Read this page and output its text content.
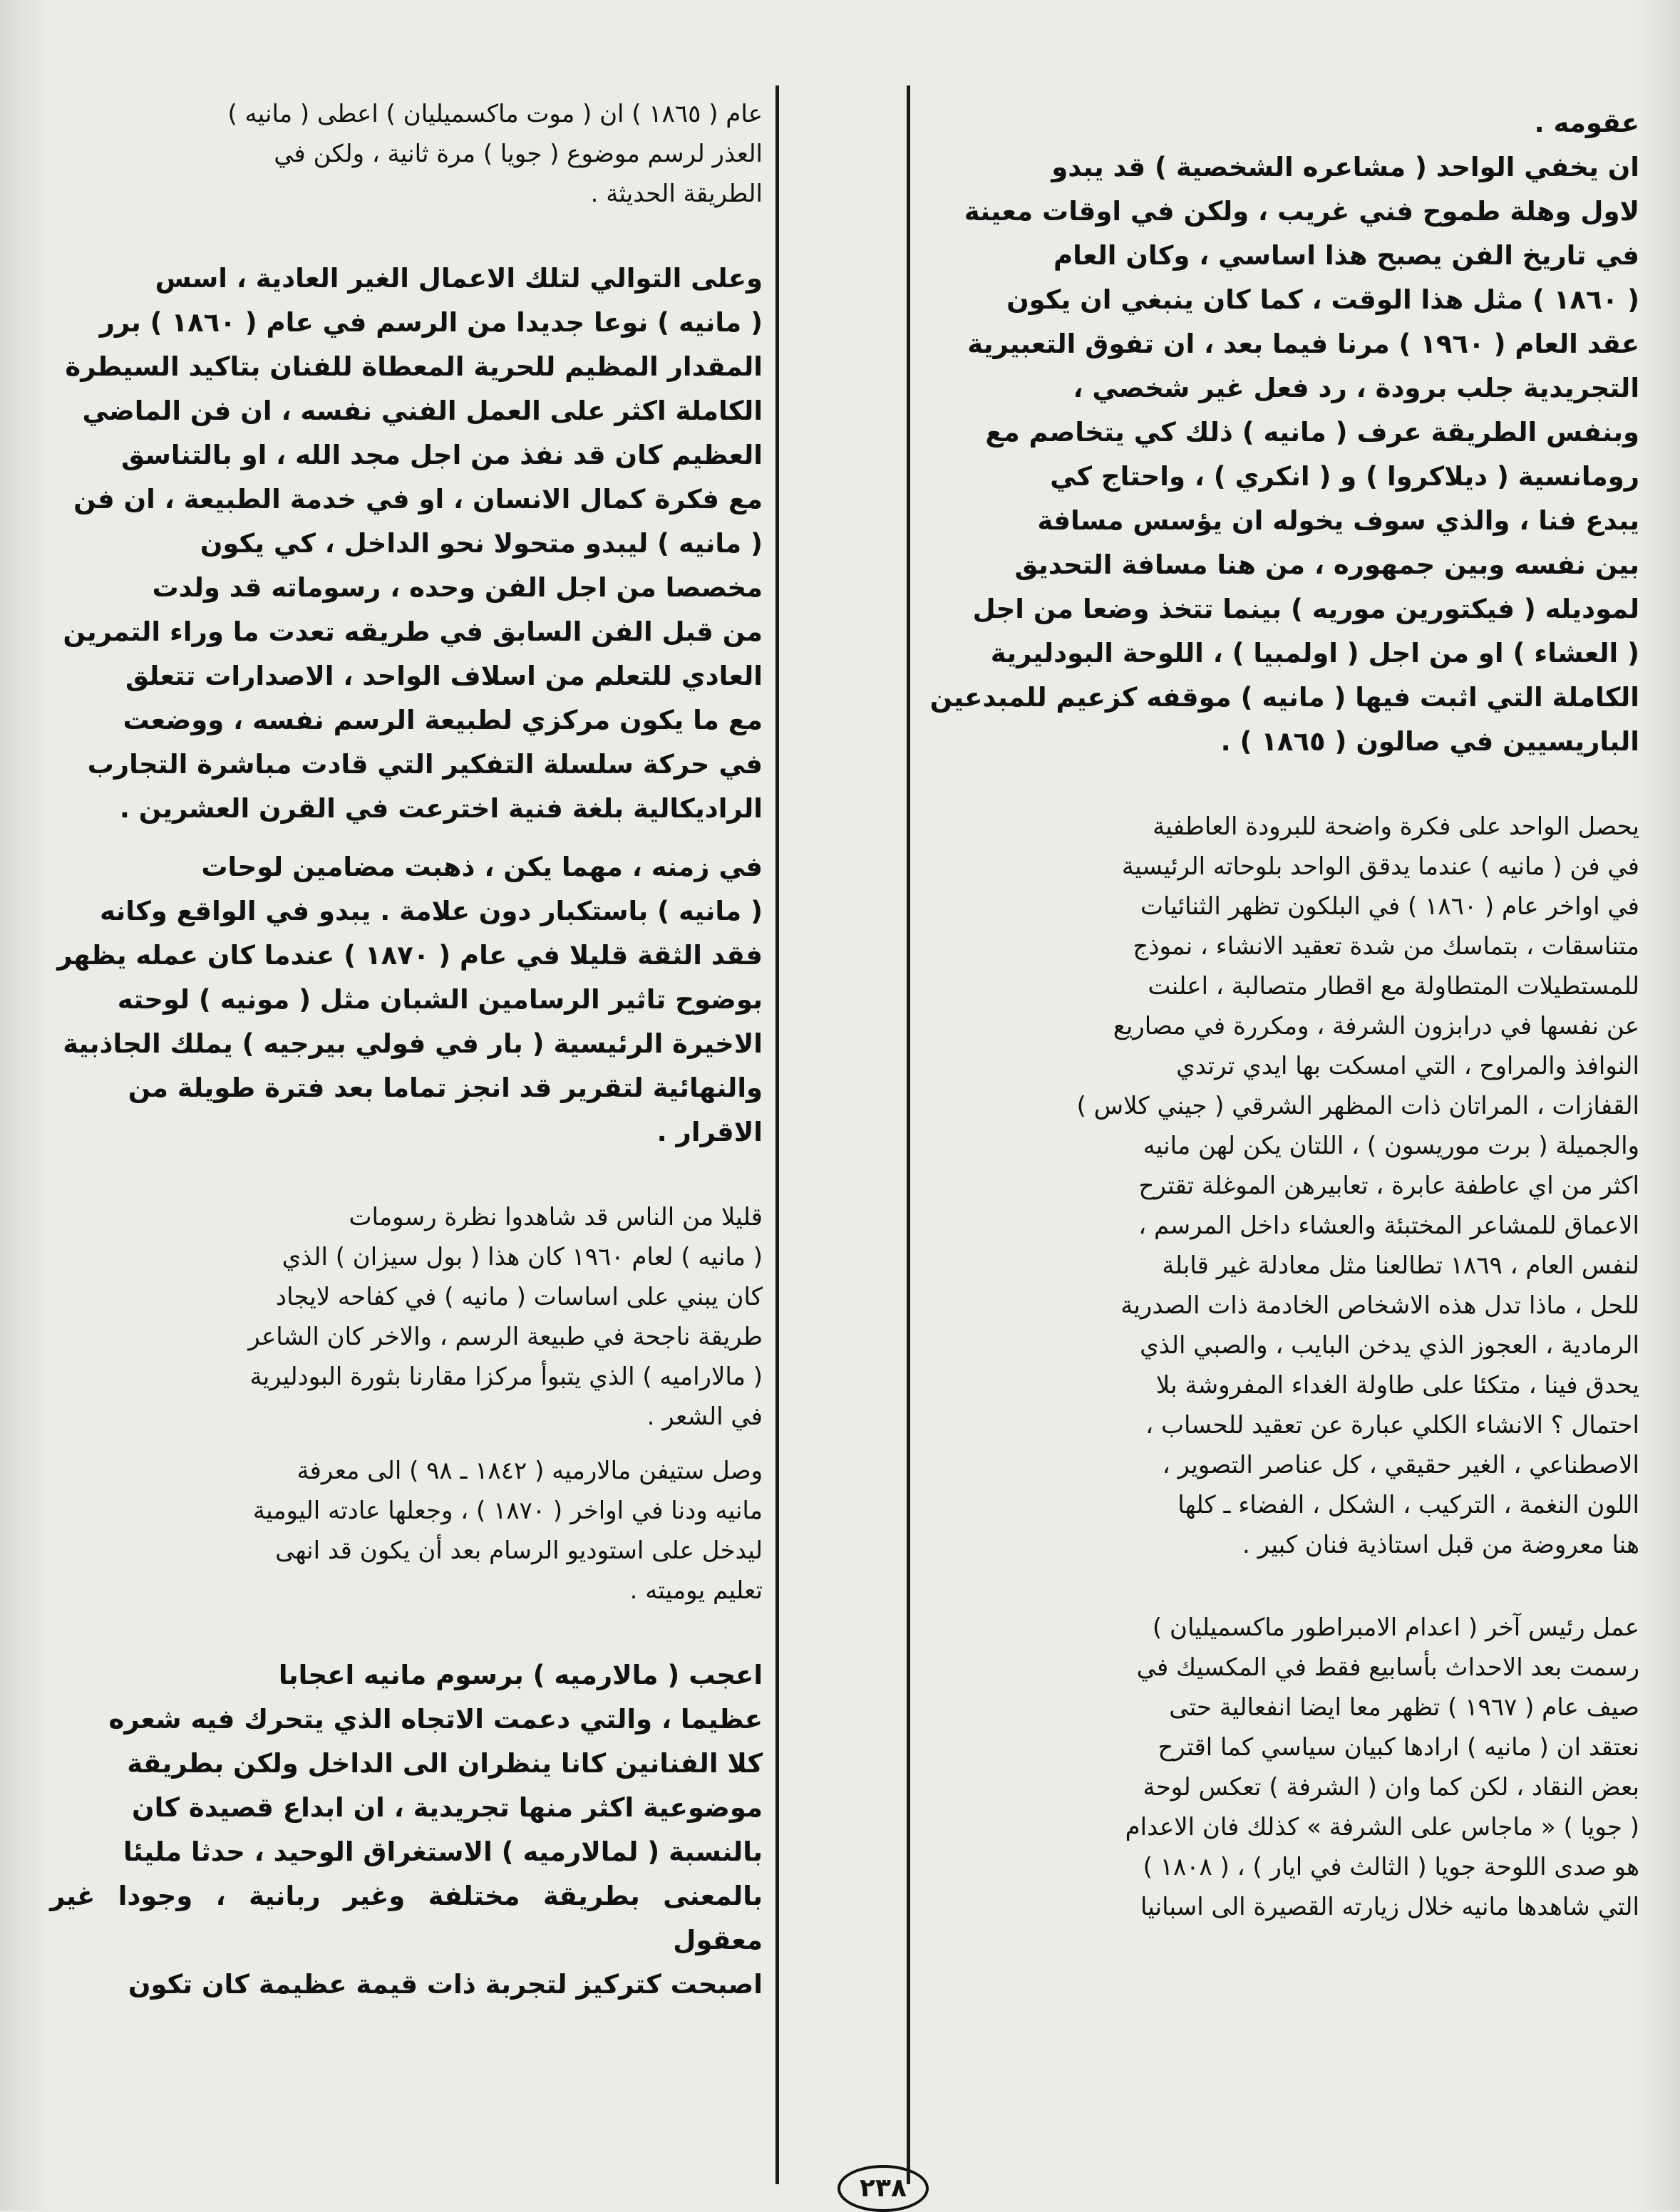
عقومه .

ان يخفي الواحد ( مشاعره الشخصية ) قد يبدو
لاول وهلة طموح فني غريب ، ولكن في اوقات معينة
في تاريخ الفن يصبح هذا اساسي ، وكان العام
( ١٨٦٠ ) مثل هذا الوقت ، كما كان ينبغي ان يكون
عقد العام ( ١٩٦٠ ) مرنا فيما بعد ، ان تفوق التعبيرية
التجريدية جلب برودة ، رد فعل غير شخصي ،
وبنفس الطريقة عرف ( مانيه ) ذلك كي يتخاصم مع
رومانسية ( ديلاكروا ) و ( انكري ) ، واحتاج كي
يبدع فنا ، والذي سوف يخوله ان يؤسس مسافة
بين نفسه وبين جمهوره ، من هنا مسافة التحديق
لموديله ( فيكتورين موريه ) بينما تتخذ وضعا من اجل
( العشاء ) او من اجل ( اولمبيا ) ، اللوحة البودليرية
الكاملة التي اثبت فيها ( مانيه ) موقفه كزعيم للمبدعين
الباريسيين في صالون ( ١٨٦٥ ) .

يحصل الواحد على فكرة واضحة للبرودة العاطفية
في فن ( مانيه ) عندما يدقق الواحد بلوحاته الرئيسية
في اواخر عام ( ١٨٦٠ ) في البلكون تظهر الثنائيات
متناسقات ، بتماسك من شدة تعقيد الانشاء ، نموذج
للمستطيلات المتطاولة مع اقطار متصالبة ، اعلنت
عن نفسها في درابزون الشرفة ، ومكررة في مصاريع
النوافذ والمراوح ، التي امسكت بها ايدي ترتدي
القفازات ، المراتان ذات المظهر الشرقي ( جيني كلاس )
والجميلة ( برت موريسون ) ، اللتان يكن لهن مانيه
اكثر من اي عاطفة عابرة ، تعابيرهن الموغلة تقترح
الاعماق للمشاعر المختبئة والعشاء داخل المرسم ،
لنفس العام ، ١٨٦٩ تطالعنا مثل معادلة غير قابلة
للحل ، ماذا تدل هذه الاشخاص الخادمة ذات الصدرية
الرمادية ، العجوز الذي يدخن البايب ، والصبي الذي
يحدق فينا ، متكئا على طاولة الغداء المفروشة بلا
احتمال ؟ الانشاء الكلي عبارة عن تعقيد للحساب ،
الاصطناعي ، الغير حقيقي ، كل عناصر التصوير ،
اللون النغمة ، التركيب ، الشكل ، الفضاء ـ كلها
هنا معروضة من قبل استاذية فنان كبير .

عمل رئيس آخر ( اعدام الامبراطور ماكسميليان )
رسمت بعد الاحداث بأسابيع فقط في المكسيك في
صيف عام ( ١٩٦٧ ) تظهر معا ايضا انفعالية حتى
نعتقد ان ( مانيه ) ارادها كبيان سياسي كما اقترح
بعض النقاد ، لكن كما وان ( الشرفة ) تعكس لوحة
( جويا ) « ماجاس على الشرفة » كذلك فان الاعدام
هو صدى اللوحة جويا ( الثالث في ايار ) ، ( ١٨٠٨ )
التي شاهدها مانيه خلال زيارته القصيرة الى اسبانيا

عام ( ١٨٦٥ ) ان ( موت ماكسميليان ) اعطى ( مانيه )
العذر لرسم موضوع ( جويا ) مرة ثانية ، ولكن في
الطريقة الحديثة .

وعلى التوالي لتلك الاعمال الغير العادية ، اسس
( مانيه ) نوعا جديدا من الرسم في عام ( ١٨٦٠ ) برر
المقدار المظيم للحرية المعطاة للفنان بتاكيد السيطرة
الكاملة اكثر على العمل الفني نفسه ، ان فن الماضي
العظيم كان قد نفذ من اجل مجد الله ، او بالتناسق
مع فكرة كمال الانسان ، او في خدمة الطبيعة ، ان فن
( مانيه ) ليبدو متحولا نحو الداخل ، كي يكون
مخصصا من اجل الفن وحده ، رسوماته قد ولدت
من قبل الفن السابق في طريقه تعدت ما وراء التمرين
العادي للتعلم من اسلاف الواحد ، الاصدارات تتعلق
مع ما يكون مركزي لطبيعة الرسم نفسه ، ووضعت
في حركة سلسلة التفكير التي قادت مباشرة التجارب
الراديكالية بلغة فنية اخترعت في القرن العشرين .

في زمنه ، مهما يكن ، ذهبت مضامين لوحات
( مانيه ) باستكبار دون علامة . يبدو في الواقع وكانه
فقد الثقة قليلا في عام ( ١٨٧٠ ) عندما كان عمله يظهر
بوضوح تاثير الرسامين الشبان مثل ( مونيه ) لوحته
الاخيرة الرئيسية ( بار في فولي بيرجيه ) يملك الجاذبية
والنهائية لتقرير قد انجز تماما بعد فترة طويلة من
الاقرار .

قليلا من الناس قد شاهدوا نظرة رسومات
( مانيه ) لعام ١٩٦٠ كان هذا ( بول سيزان ) الذي
كان يبني على اساسات ( مانيه ) في كفاحه لايجاد
طريقة ناجحة في طبيعة الرسم ، والاخر كان الشاعر
( مالارامیه ) الذي يتبوأ مركزا مقارنا بثورة البودليرية
في الشعر .

وصل ستيفن مالارميه ( ١٨٤٢ ـ ٩٨ ) الى معرفة
مانيه ودنا في اواخر ( ١٨٧٠ ) ، وجعلها عادته اليومية
ليدخل على استوديو الرسام بعد أن يكون قد انهى
تعليم يوميته .

اعجب ( مالارميه ) برسوم مانيه اعجابا
عظيما ، والتي دعمت الاتجاه الذي يتحرك فيه شعره
كلا الفنانين كانا ينظران الى الداخل ولكن بطريقة
موضوعية اكثر منها تجريدية ، ان ابداع قصيدة كان
بالنسبة ( لمالارميه ) الاستغراق الوحيد ، حدثا مليئا
بالمعنى بطريقة مختلفة وغير ربانية ، وجودا غير معقول
اصبحت كتركيز لتجربة ذات قيمة عظيمة كان تكون

٢٣٨
